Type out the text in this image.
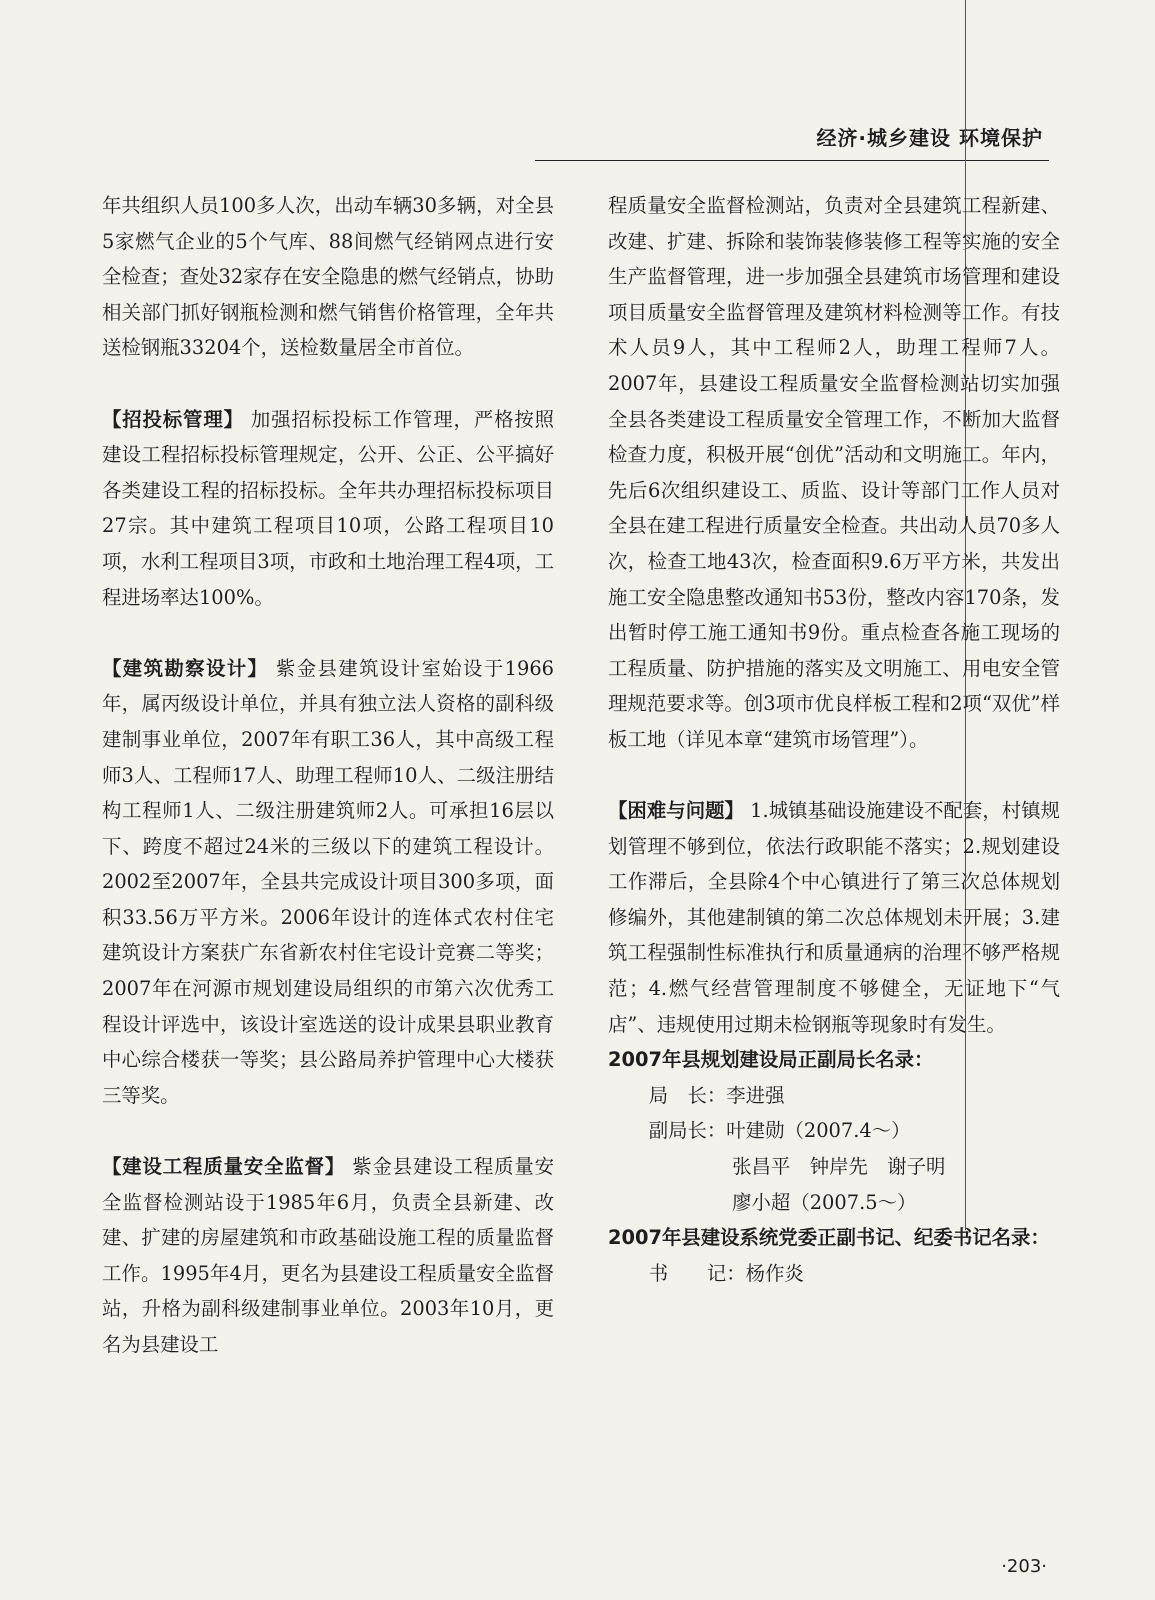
经济·城乡建设 环境保护

年共组织人员100多人次，出动车辆30多辆，对全县5家燃气企业的5个气库、88间燃气经销网点进行安全检查；查处32家存在安全隐患的燃气经销点，协助相关部门抓好钢瓶检测和燃气销售价格管理，全年共送检钢瓶33204个，送检数量居全市首位。

【招投标管理】 加强招标投标工作管理，严格按照建设工程招标投标管理规定，公开、公正、公平搞好各类建设工程的招标投标。全年共办理招标投标项目27宗。其中建筑工程项目10项，公路工程项目10项，水利工程项目3项，市政和土地治理工程4项，工程进场率达100%。

【建筑勘察设计】 紫金县建筑设计室始设于1966年，属丙级设计单位，并具有独立法人资格的副科级建制事业单位，2007年有职工36人，其中高级工程师3人、工程师17人、助理工程师10人、二级注册结构工程师1人、二级注册建筑师2人。可承担16层以下、跨度不超过24米的三级以下的建筑工程设计。2002至2007年，全县共完成设计项目300多项，面积33.56万平方米。2006年设计的连体式农村住宅建筑设计方案获广东省新农村住宅设计竞赛二等奖；2007年在河源市规划建设局组织的市第六次优秀工程设计评选中，该设计室选送的设计成果县职业教育中心综合楼获一等奖；县公路局养护管理中心大楼获三等奖。

【建设工程质量安全监督】 紫金县建设工程质量安全监督检测站设于1985年6月，负责全县新建、改建、扩建的房屋建筑和市政基础设施工程的质量监督工作。1995年4月，更名为县建设工程质量安全监督站，升格为副科级建制事业单位。2003年10月，更名为县建设工

程质量安全监督检测站，负责对全县建筑工程新建、改建、扩建、拆除和装饰装修装修工程等实施的安全生产监督管理，进一步加强全县建筑市场管理和建设项目质量安全监督管理及建筑材料检测等工作。有技术人员9人，其中工程师2人，助理工程师7人。2007年，县建设工程质量安全监督检测站切实加强全县各类建设工程质量安全管理工作，不断加大监督检查力度，积极开展“创优”活动和文明施工。年内，先后6次组织建设工、质监、设计等部门工作人员对全县在建工程进行质量安全检查。共出动人员70多人次，检查工地43次，检查面积9.6万平方米，共发出施工安全隐患整改通知书53份，整改内容170条，发出暂时停工施工通知书9份。重点检查各施工现场的工程质量、防护措施的落实及文明施工、用电安全管理规范要求等。创3项市优良样板工程和2项“双优”样板工地（详见本章“建筑市场管理”）。

【困难与问题】 1.城镇基础设施建设不配套，村镇规划管理不够到位，依法行政职能不落实；2.规划建设工作滞后，全县除4个中心镇进行了第三次总体规划修编外，其他建制镇的第二次总体规划未开展；3.建筑工程强制性标准执行和质量通病的治理不够严格规范；4.燃气经营管理制度不够健全，无证地下“气店”、违规使用过期未检钢瓶等现象时有发生。

2007年县规划建设局正副局长名录：

局　长：李进强

副局长：叶建勋（2007.4～）

张昌平　钟岸先　谢子明

廖小超（2007.5～）

2007年县建设系统党委正副书记、纪委书记名录：

书　　记：杨作炎

·203·
